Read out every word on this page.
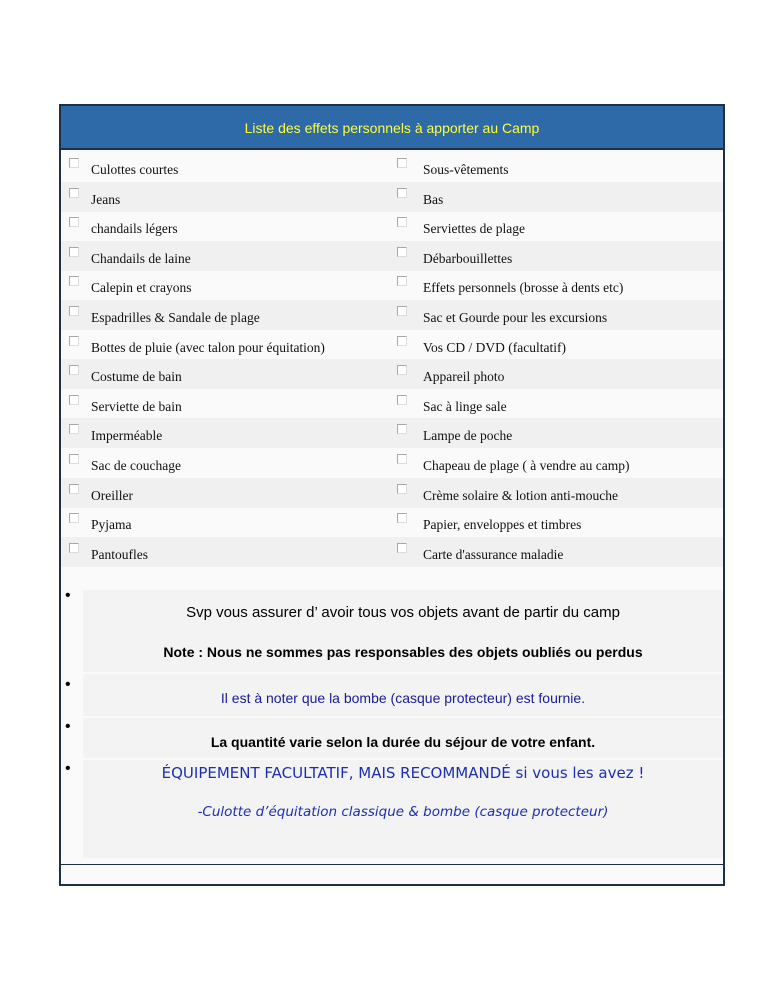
Liste des effets personnels à apporter au Camp
Culottes courtes	Sous-vêtements
Jeans	Bas
chandails légers	Serviettes de plage
Chandails de laine	Débarbouillettes
Calepin et crayons	Effets personnels (brosse à dents etc)
Espadrilles & Sandale de plage	Sac et Gourde pour les excursions
Bottes de pluie (avec talon pour équitation)	Vos CD / DVD (facultatif)
Costume de bain	Appareil photo
Serviette de bain	Sac à linge sale
Imperméable	Lampe de poche
Sac de couchage	Chapeau de plage ( à vendre au camp)
Oreiller	Crème solaire & lotion anti-mouche
Pyjama	Papier, enveloppes et timbres
Pantoufles	Carte d'assurance maladie
•
Svp vous assurer d’ avoir tous vos objets avant de partir du camp
Note : Nous ne sommes pas responsables des objets oubliés ou perdus
•
Il est à noter que la bombe (casque protecteur) est fournie.
•
La quantité varie selon la durée du séjour de votre enfant.
•	ÉQUIPEMENT FACULTATIF, MAIS RECOMMANDÉ si vous les avez !
-Culotte d’équitation classique & bombe (casque protecteur)
